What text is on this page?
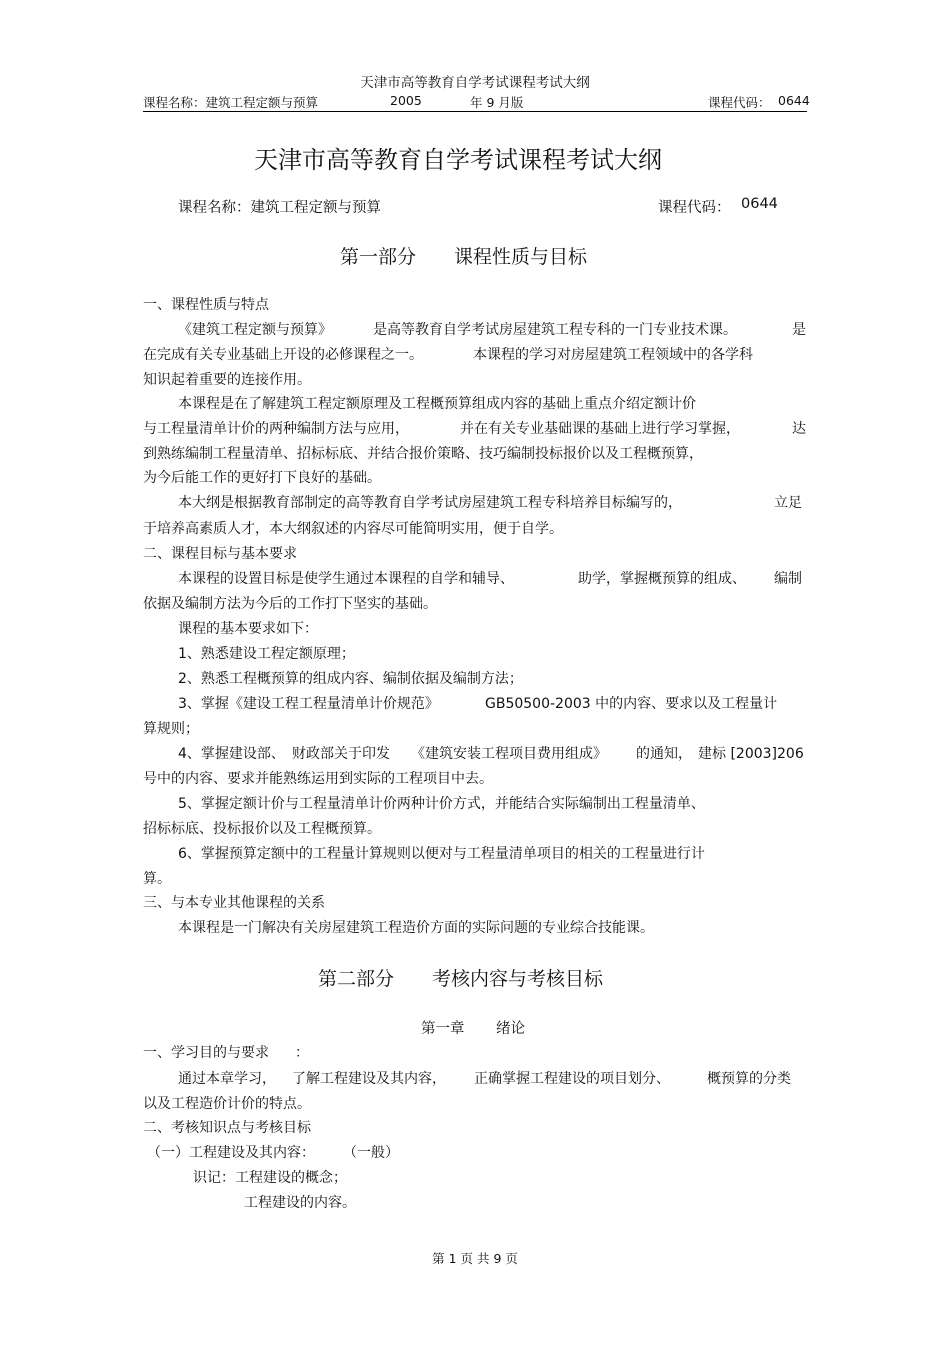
天津市高等教育自学考试课程考试大纲
课程名称：建筑工程定额与预算	2005	年 9 月版	课程代码： 0644
天津市高等教育自学考试课程考试大纲
课程名称：建筑工程定额与预算	课程代码： 0644
第一部分 课程性质与目标
一、课程性质与特点
《建筑工程定额与预算》	是高等教育自学考试房屋建筑工程专科的一门专业技术课。	是
在完成有关专业基础上开设的必修课程之一。	本课程的学习对房屋建筑工程领域中的各学科
知识起着重要的连接作用。
本课程是在了解建筑工程定额原理及工程概预算组成内容的基础上重点介绍定额计价
与工程量清单计价的两种编制方法与应用，	并在有关专业基础课的基础上进行学习掌握，	达
到熟练编制工程量清单、招标标底、并结合报价策略、技巧编制投标报价以及工程概预算，
为今后能工作的更好打下良好的基础。
本大纲是根据教育部制定的高等教育自学考试房屋建筑工程专科培养目标编写的，	立足
于培养高素质人才，本大纲叙述的内容尽可能简明实用，便于自学。
二、课程目标与基本要求
本课程的设置目标是使学生通过本课程的自学和辅导、	助学，掌握概预算的组成、 编制
依据及编制方法为今后的工作打下坚实的基础。
课程的基本要求如下：
1、熟悉建设工程定额原理；
2、熟悉工程概预算的组成内容、编制依据及编制方法；
3、掌握《建设工程工程量清单计价规范》	GB50500-2003 中的内容、要求以及工程量计
算规则；
4、掌握建设部、 财政部关于印发 《建筑安装工程项目费用组成》 的通知， 建标 [2003]206
号中的内容、要求并能熟练运用到实际的工程项目中去。
5、掌握定额计价与工程量清单计价两种计价方式，并能结合实际编制出工程量清单、
招标标底、投标报价以及工程概预算。
6、掌握预算定额中的工程量计算规则以便对与工程量清单项目的相关的工程量进行计
算。
三、与本专业其他课程的关系
本课程是一门解决有关房屋建筑工程造价方面的实际问题的专业综合技能课。
第二部分 考核内容与考核目标
第一章 绪论
一、学习目的与要求 ：
通过本章学习， 了解工程建设及其内容， 正确掌握工程建设的项目划分、	概预算的分类
以及工程造价计价的特点。
二、考核知识点与考核目标
（一）工程建设及其内容： （一般）
识记：工程建设的概念；
工程建设的内容。
第 1 页 共 9 页
